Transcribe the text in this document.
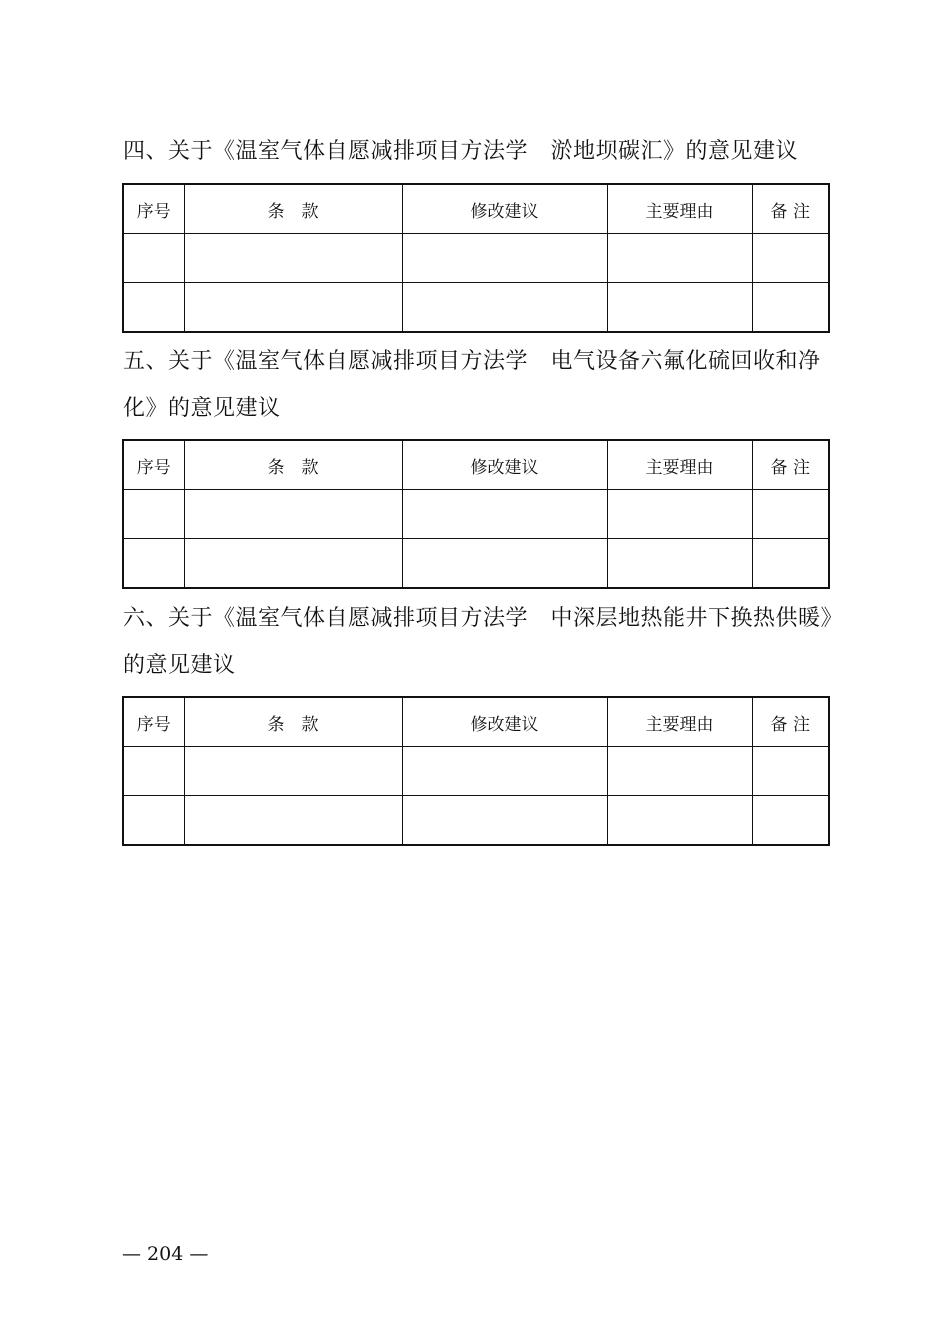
四、关于《温室气体自愿减排项目方法学　淤地坝碳汇》的意见建议

序号	条　款	修改建议	主要理由	备 注

五、关于《温室气体自愿减排项目方法学　电气设备六氟化硫回收和净化》的意见建议

序号	条　款	修改建议	主要理由	备 注

六、关于《温室气体自愿减排项目方法学　中深层地热能井下换热供暖》的意见建议

序号	条　款	修改建议	主要理由	备 注

— 204 —
